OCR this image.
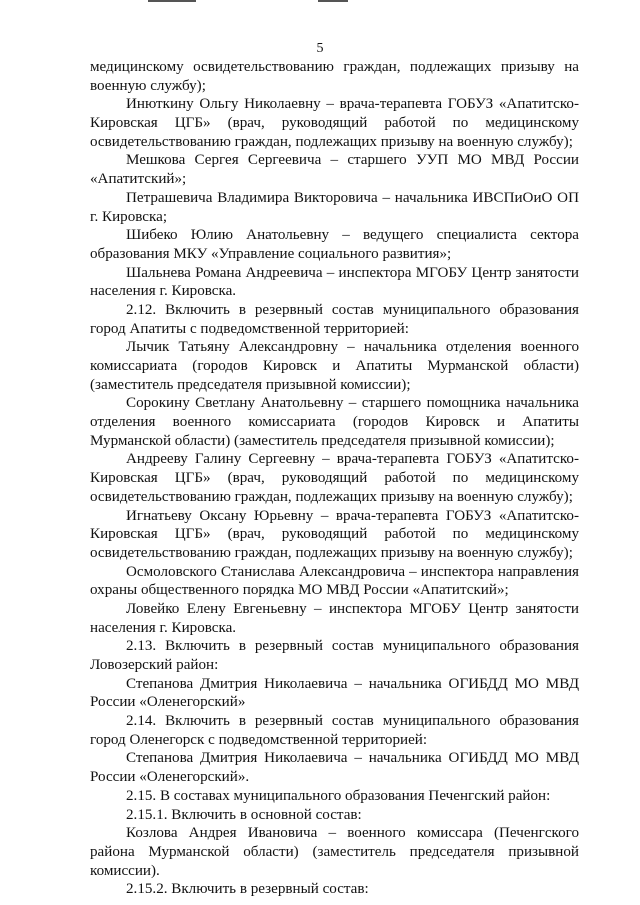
5

медицинскому освидетельствованию граждан, подлежащих призыву на военную службу);

Инюткину Ольгу Николаевну – врача-терапевта ГОБУЗ «Апатитско-Кировская ЦГБ» (врач, руководящий работой по медицинскому освидетельствованию граждан, подлежащих призыву на военную службу);

Мешкова Сергея Сергеевича – старшего УУП МО МВД России «Апатитский»;

Петрашевича Владимира Викторовича – начальника ИВСПиОиО ОП г. Кировска;

Шибеко Юлию Анатольевну – ведущего специалиста сектора образования МКУ «Управление социального развития»;

Шальнева Романа Андреевича – инспектора МГОБУ Центр занятости населения г. Кировска.

2.12. Включить в резервный состав муниципального образования город Апатиты с подведомственной территорией:

Лычик Татьяну Александровну – начальника отделения военного комиссариата (городов Кировск и Апатиты Мурманской области) (заместитель председателя призывной комиссии);

Сорокину Светлану Анатольевну – старшего помощника начальника отделения военного комиссариата (городов Кировск и Апатиты Мурманской области) (заместитель председателя призывной комиссии);

Андрееву Галину Сергеевну – врача-терапевта ГОБУЗ «Апатитско-Кировская ЦГБ» (врач, руководящий работой по медицинскому освидетельствованию граждан, подлежащих призыву на военную службу);

Игнатьеву Оксану Юрьевну – врача-терапевта ГОБУЗ «Апатитско-Кировская ЦГБ» (врач, руководящий работой по медицинскому освидетельствованию граждан, подлежащих призыву на военную службу);

Осмоловского Станислава Александровича – инспектора направления охраны общественного порядка МО МВД России «Апатитский»;

Ловейко Елену Евгеньевну – инспектора МГОБУ Центр занятости населения г. Кировска.

2.13. Включить в резервный состав муниципального образования Ловозерский район:

Степанова Дмитрия Николаевича – начальника ОГИБДД МО МВД России «Оленегорский»

2.14. Включить в резервный состав муниципального образования город Оленегорск с подведомственной территорией:

Степанова Дмитрия Николаевича – начальника ОГИБДД МО МВД России «Оленегорский».

2.15. В составах муниципального образования Печенгский район:

2.15.1. Включить в основной состав:

Козлова Андрея Ивановича – военного комиссара (Печенгского района Мурманской области) (заместитель председателя призывной комиссии).

2.15.2. Включить в резервный состав:
